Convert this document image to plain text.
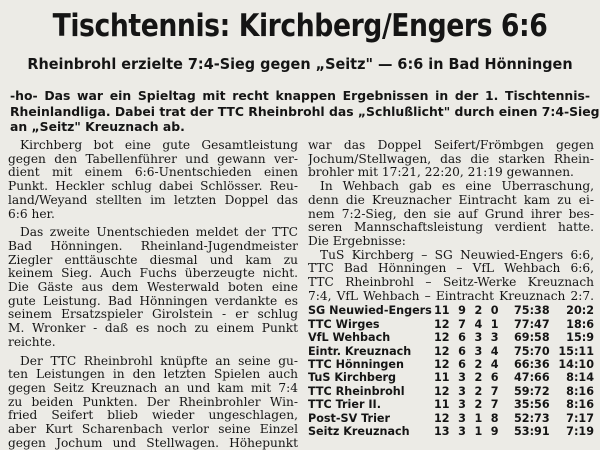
Tischtennis: Kirchberg/Engers 6:6
Rheinbrohl erzielte 7:4-Sieg gegen „Seitz" — 6:6 in Bad Hönningen
-ho- Das war ein Spieltag mit recht knappen Ergebnissen in der 1. Tischtennis-
Rheinlandliga. Dabei trat der TTC Rheinbrohl das „Schlußlicht" durch einen 7:4-Sieg
an „Seitz" Kreuznach ab.
Kirchberg bot eine gute Gesamtleistung
gegen den Tabellenführer und gewann ver-
dient mit einem 6:6-Unentschieden einen
Punkt. Heckler schlug dabei Schlösser. Reu-
land/Weyand stellten im letzten Doppel das
6:6 her.
Das zweite Unentschieden meldet der TTC
Bad Hönningen. Rheinland-Jugendmeister
Ziegler enttäuschte diesmal und kam zu
keinem Sieg. Auch Fuchs überzeugte nicht.
Die Gäste aus dem Westerwald boten eine
gute Leistung. Bad Hönningen verdankte es
seinem Ersatzspieler Girolstein - er schlug
M. Wronker - daß es noch zu einem Punkt
reichte.
Der TTC Rheinbrohl knüpfte an seine gu-
ten Leistungen in den letzten Spielen auch
gegen Seitz Kreuznach an und kam mit 7:4
zu beiden Punkten. Der Rheinbrohler Win-
fried Seifert blieb wieder ungeschlagen,
aber Kurt Scharenbach verlor seine Einzel
gegen Jochum und Stellwagen. Höhepunkt
war das Doppel Seifert/Frömbgen gegen
Jochum/Stellwagen, das die starken Rhein-
brohler mit 17:21, 22:20, 21:19 gewannen.
In Wehbach gab es eine Überraschung,
denn die Kreuznacher Eintracht kam zu ei-
nem 7:2-Sieg, den sie auf Grund ihrer bes-
seren Mannschaftsleistung verdient hatte.
Die Ergebnisse:
TuS Kirchberg – SG Neuwied-Engers 6:6,
TTC Bad Hönningen – VfL Wehbach 6:6,
TTC Rheinbrohl – Seitz-Werke Kreuznach
7:4, VfL Wehbach – Eintracht Kreuznach 2:7.
SG Neuwied-Engers	11	9	2	0	75:38	20:2
TTC Wirges	12	7	4	1	77:47	18:6
VfL Wehbach	12	6	3	3	69:58	15:9
Eintr. Kreuznach	12	6	3	4	75:70	15:11
TTC Hönningen	12	6	2	4	66:36	14:10
TuS Kirchberg	11	3	2	6	47:66	8:14
TTC Rheinbrohl	12	3	2	7	59:72	8:16
TTC Trier II.	11	3	2	7	35:56	8:16
Post-SV Trier	12	3	1	8	52:73	7:17
Seitz Kreuznach	13	3	1	9	53:91	7:19
